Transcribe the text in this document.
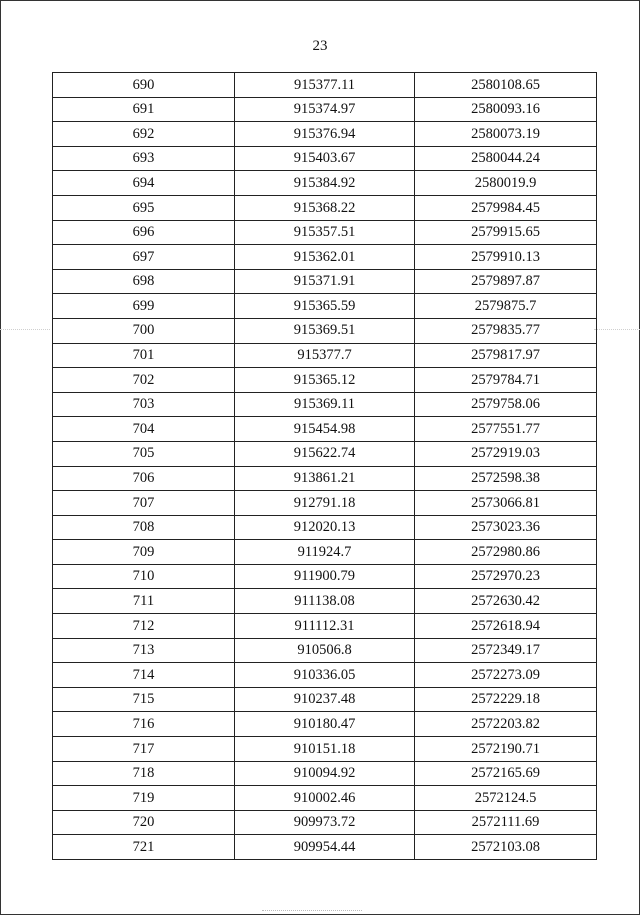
23
690	915377.11	2580108.65
691	915374.97	2580093.16
692	915376.94	2580073.19
693	915403.67	2580044.24
694	915384.92	2580019.9
695	915368.22	2579984.45
696	915357.51	2579915.65
697	915362.01	2579910.13
698	915371.91	2579897.87
699	915365.59	2579875.7
700	915369.51	2579835.77
701	915377.7	2579817.97
702	915365.12	2579784.71
703	915369.11	2579758.06
704	915454.98	2577551.77
705	915622.74	2572919.03
706	913861.21	2572598.38
707	912791.18	2573066.81
708	912020.13	2573023.36
709	911924.7	2572980.86
710	911900.79	2572970.23
711	911138.08	2572630.42
712	911112.31	2572618.94
713	910506.8	2572349.17
714	910336.05	2572273.09
715	910237.48	2572229.18
716	910180.47	2572203.82
717	910151.18	2572190.71
718	910094.92	2572165.69
719	910002.46	2572124.5
720	909973.72	2572111.69
721	909954.44	2572103.08
